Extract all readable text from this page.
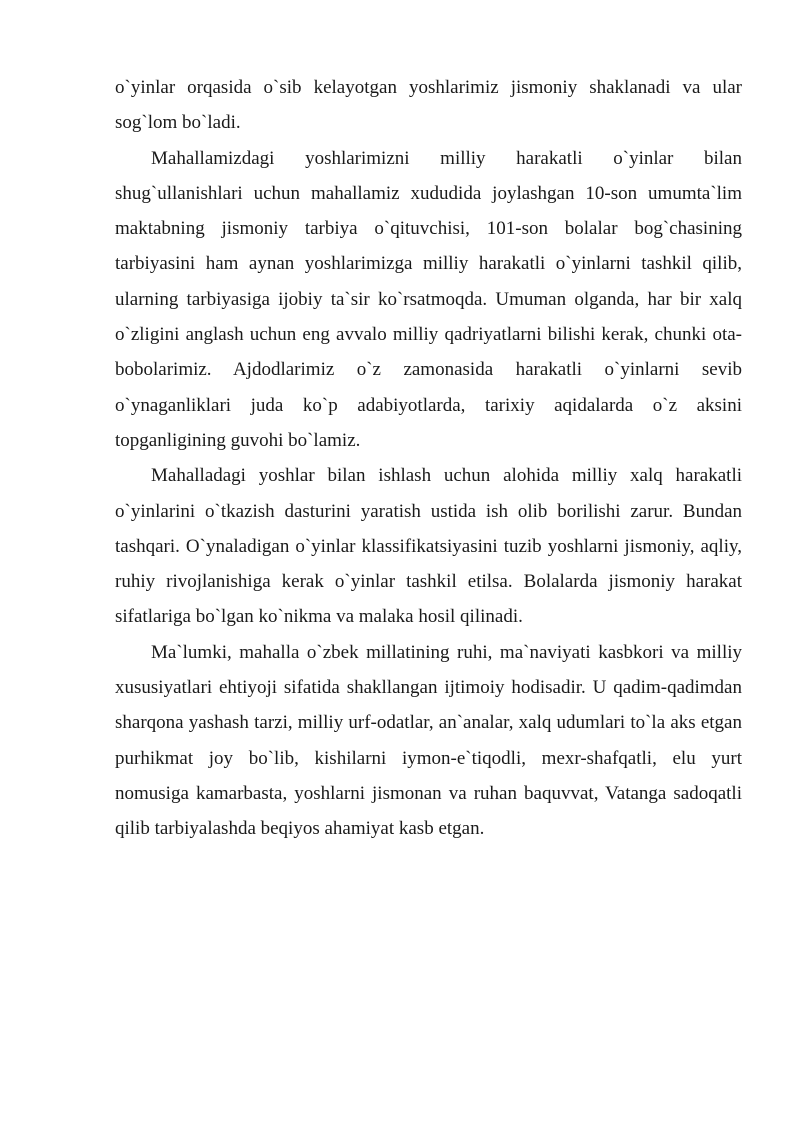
o`yinlar orqasida o`sib kelayotgan yoshlarimiz jismoniy shaklanadi va ular sog`lom bo`ladi.

Mahallamizdagi yoshlarimizni milliy harakatli o`yinlar bilan shug`ullanishlari uchun mahallamiz xududida joylashgan 10-son umumta`lim maktabning jismoniy tarbiya o`qituvchisi, 101-son bolalar bog`chasining tarbiyasini ham aynan yoshlarimizga milliy harakatli o`yinlarni tashkil qilib, ularning tarbiyasiga ijobiy ta`sir ko`rsatmoqda. Umuman olganda, har bir xalq o`zligini anglash uchun eng avvalo milliy qadriyatlarni bilishi kerak, chunki ota-bobolarimiz. Ajdodlarimiz o`z zamonasida harakatli o`yinlarni sevib o`ynaganliklari juda ko`p adabiyotlarda, tarixiy aqidalarda o`z aksini topganligining guvohi bo`lamiz.

Mahalladagi yoshlar bilan ishlash uchun alohida milliy xalq harakatli o`yinlarini o`tkazish dasturini yaratish ustida ish olib borilishi zarur. Bundan tashqari. O`ynaladigan o`yinlar klassifikatsiyasini tuzib yoshlarni jismoniy, aqliy, ruhiy rivojlanishiga kerak o`yinlar tashkil etilsa. Bolalarda jismoniy harakat sifatlariga bo`lgan ko`nikma va malaka hosil qilinadi.

Ma`lumki, mahalla o`zbek millatining ruhi, ma`naviyati kasbkori va milliy xususiyatlari ehtiyoji sifatida shakllangan ijtimoiy hodisadir. U qadim-qadimdan sharqona yashash tarzi, milliy urf-odatlar, an`analar, xalq udumlari to`la aks etgan purhikmat joy bo`lib, kishilarni iymon-e`tiqodli, mexr-shafqatli, elu yurt nomusiga kamarbasta, yoshlarni jismonan va ruhan baquvvat, Vatanga sadoqatli qilib tarbiyalashda beqiyos ahamiyat kasb etgan.
